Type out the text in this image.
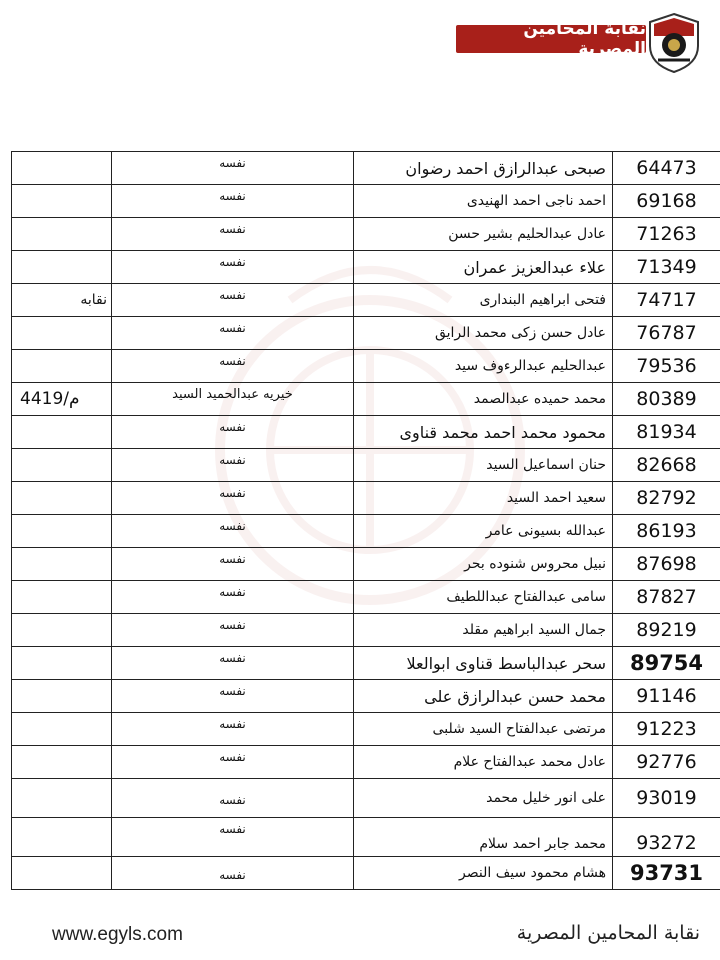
نقابة المحامين المصرية
	نفسه	صبحى عبدالرازق احمد رضوان	64473
	نفسه	احمد ناجى احمد الهنيدى	69168
	نفسه	عادل عبدالحليم بشير حسن	71263
	نفسه	علاء عبدالعزيز عمران	71349
نقابه	نفسه	فتحى ابراهيم البندارى	74717
	نفسه	عادل حسن زكى محمد الرايق	76787
	نفسه	عبدالحليم عبدالرءوف سيد	79536
4419/م	خيريه عبدالحميد السيد	محمد حميده عبدالصمد	80389
	نفسه	محمود محمد احمد محمد قناوى	81934
	نفسه	حنان اسماعيل السيد	82668
	نفسه	سعيد احمد السيد	82792
	نفسه	عبدالله بسيونى عامر	86193
	نفسه	نبيل محروس شنوده بحر	87698
	نفسه	سامى عبدالفتاح عبداللطيف	87827
	نفسه	جمال السيد ابراهيم مقلد	89219
	نفسه	سحر عبدالباسط قناوى ابوالعلا	89754
	نفسه	محمد حسن عبدالرازق على	91146
	نفسه	مرتضى عبدالفتاح السيد شلبى	91223
	نفسه	عادل محمد عبدالفتاح علام	92776
	نفسه	على انور خليل محمد	93019
	نفسه	محمد جابر احمد سلام	93272
	نفسه	هشام محمود سيف النصر	93731
www.egyls.com	نقابة المحامين المصرية
